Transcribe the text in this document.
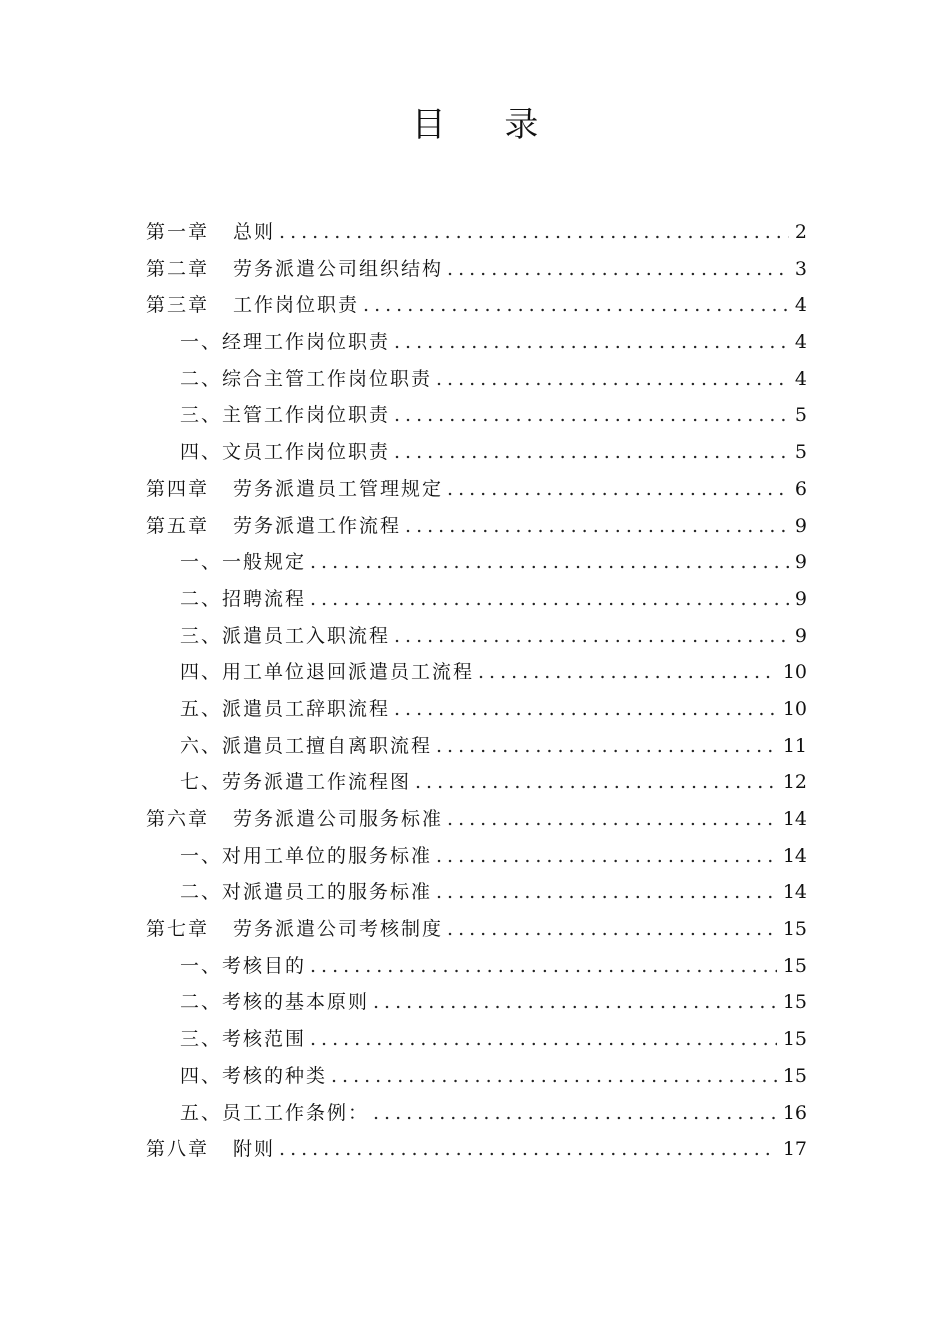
目 录
第一章 总则 .....	2
第二章 劳务派遣公司组织结构 .....	3
第三章 工作岗位职责 .....	4
一、经理工作岗位职责 .....	4
二、综合主管工作岗位职责 .....	4
三、主管工作岗位职责 .....	5
四、文员工作岗位职责 .....	5
第四章 劳务派遣员工管理规定 .....	6
第五章 劳务派遣工作流程 .....	9
一、一般规定 .....	9
二、招聘流程 .....	9
三、派遣员工入职流程 .....	9
四、用工单位退回派遣员工流程 .....	10
五、派遣员工辞职流程 .....	10
六、派遣员工擅自离职流程 .....	11
七、劳务派遣工作流程图 .....	12
第六章 劳务派遣公司服务标准 .....	14
一、对用工单位的服务标准 .....	14
二、对派遣员工的服务标准 .....	14
第七章 劳务派遣公司考核制度 .....	15
一、考核目的 .....	15
二、考核的基本原则 .....	15
三、考核范围 .....	15
四、考核的种类 .....	15
五、员工工作条例： .....	16
第八章 附则 .....	17
